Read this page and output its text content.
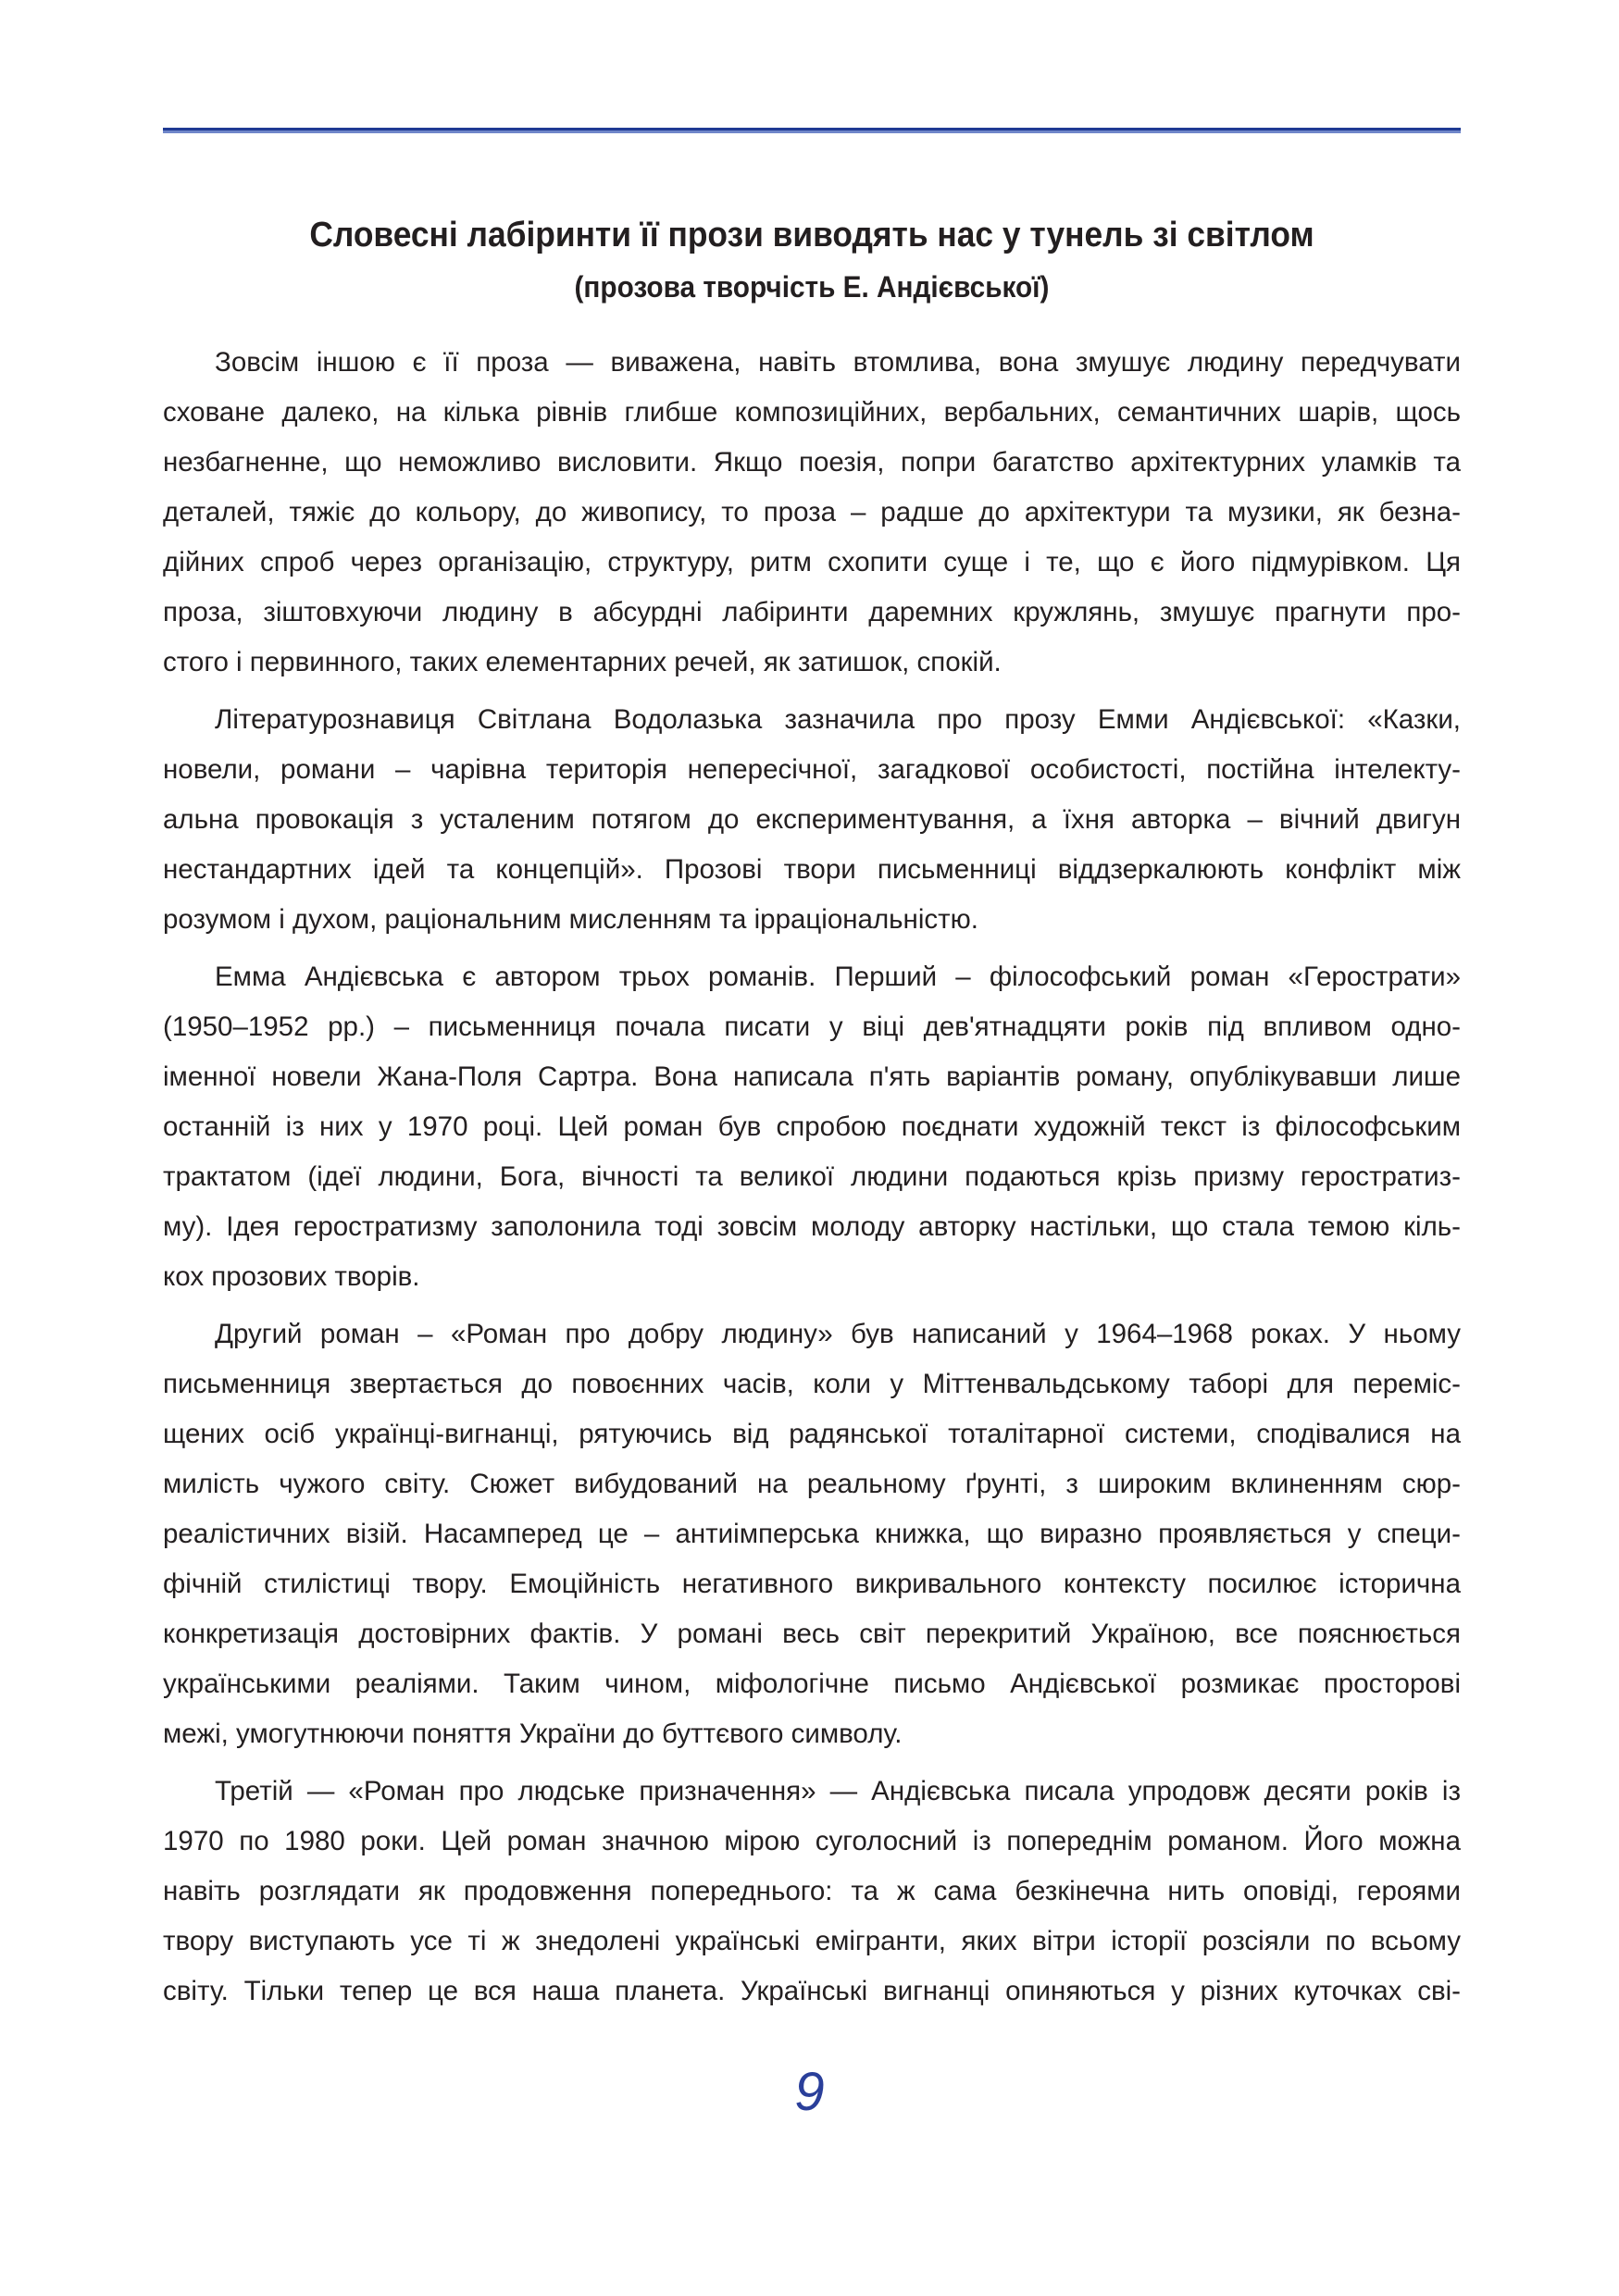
Словесні лабіринти її прози виводять нас у тунель зі світлом
(прозова творчість Е. Андієвської)
Зовсім іншою є її проза — виважена, навіть втомлива, вона змушує людину передчувати
сховане далеко, на кілька рівнів глибше композиційних, вербальних, семантичних шарів, щось
незбагненне, що неможливо висловити. Якщо поезія, попри багатство архітектурних уламків та
деталей, тяжіє до кольору, до живопису, то проза – радше до архітектури та музики, як безна-
дійних спроб через організацію, структуру, ритм схопити суще і те, що є його підмурівком. Ця
проза, зіштовхуючи людину в абсурдні лабіринти даремних кружлянь, змушує прагнути про-
стого і первинного, таких елементарних речей, як затишок, спокій.
Літературознавиця Світлана Водолазька зазначила про прозу Емми Андієвської: «Казки,
новели, романи – чарівна територія непересічної, загадкової особистості, постійна інтелекту-
альна провокація з усталеним потягом до експериментування, а їхня авторка – вічний двигун
нестандартних ідей та концепцій». Прозові твори письменниці віддзеркалюють конфлікт між
розумом і духом, раціональним мисленням та ірраціональністю.
Емма Андієвська є автором трьох романів. Перший – філософський роман «Герострати»
(1950–1952 рр.) – письменниця почала писати у віці дев'ятнадцяти років під впливом одно-
іменної новели Жана-Поля Сартра. Вона написала п'ять варіантів роману, опублікувавши лише
останній із них у 1970 році. Цей роман був спробою поєднати художній текст із філософським
трактатом (ідеї людини, Бога, вічності та великої людини подаються крізь призму геростратиз-
му). Ідея геростратизму заполонила тоді зовсім молоду авторку настільки, що стала темою кіль-
кох прозових творів.
Другий роман – «Роман про добру людину» був написаний у 1964–1968 роках. У ньому
письменниця звертається до повоєнних часів, коли у Міттенвальдському таборі для переміс-
щених осіб українці-вигнанці, рятуючись від радянської тоталітарної системи, сподівалися на
милість чужого світу. Сюжет вибудований на реальному ґрунті, з широким вклиненням сюр-
реалістичних візій. Насамперед це – антиімперська книжка, що виразно проявляється у специ-
фічній стилістиці твору. Емоційність негативного викривального контексту посилює історична
конкретизація достовірних фактів. У романі весь світ перекритий Україною, все пояснюється
українськими реаліями. Таким чином, міфологічне письмо Андієвської розмикає просторові
межі, умогутнюючи поняття України до буттєвого символу.
Третій — «Роман про людське призначення» — Андієвська писала упродовж десяти років із
1970 по 1980 роки. Цей роман значною мірою суголосний із попереднім романом. Його можна
навіть розглядати як продовження попереднього: та ж сама безкінечна нить оповіді, героями
твору виступають усе ті ж знедолені українські емігранти, яких вітри історії розсіяли по всьому
світу. Тільки тепер це вся наша планета. Українські вигнанці опиняються у різних куточках сві-
9
